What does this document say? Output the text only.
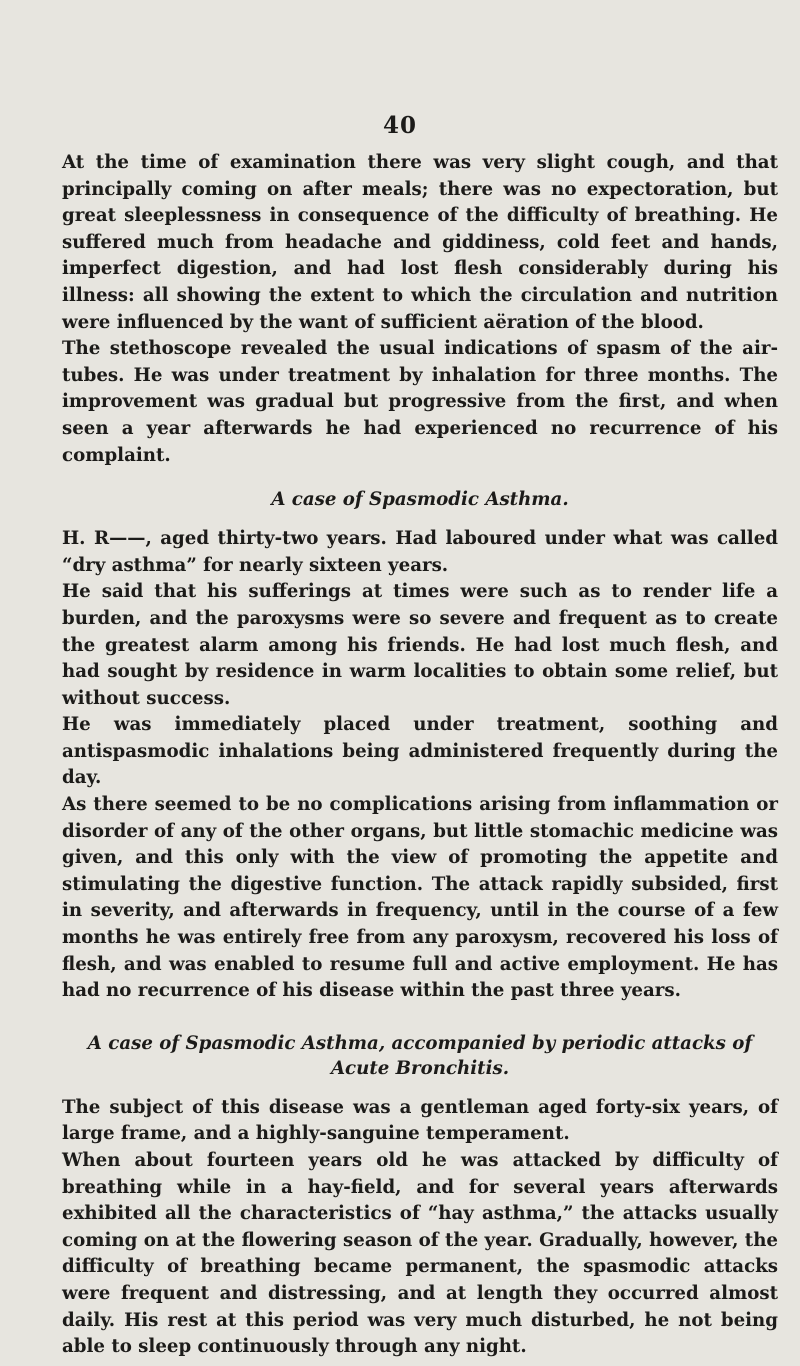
40

At the time of examination there was very slight cough, and that principally coming on after meals; there was no expectoration, but great sleeplessness in consequence of the difficulty of breathing. He suffered much from headache and giddiness, cold feet and hands, imperfect digestion, and had lost flesh considerably during his illness: all showing the extent to which the circulation and nutrition were influenced by the want of sufficient aëration of the blood.

The stethoscope revealed the usual indications of spasm of the air-tubes. He was under treatment by inhalation for three months. The improvement was gradual but progressive from the first, and when seen a year afterwards he had experienced no recurrence of his complaint.

A case of Spasmodic Asthma.

H. R——, aged thirty-two years. Had laboured under what was called “dry asthma” for nearly sixteen years.

He said that his sufferings at times were such as to render life a burden, and the paroxysms were so severe and frequent as to create the greatest alarm among his friends. He had lost much flesh, and had sought by residence in warm localities to obtain some relief, but without success.

He was immediately placed under treatment, soothing and antispasmodic inhalations being administered frequently during the day.

As there seemed to be no complications arising from inflammation or disorder of any of the other organs, but little stomachic medicine was given, and this only with the view of promoting the appetite and stimulating the digestive function. The attack rapidly subsided, first in severity, and afterwards in frequency, until in the course of a few months he was entirely free from any paroxysm, recovered his loss of flesh, and was enabled to resume full and active employment. He has had no recurrence of his disease within the past three years.

A case of Spasmodic Asthma, accompanied by periodic attacks of
Acute Bronchitis.

The subject of this disease was a gentleman aged forty-six years, of large frame, and a highly-sanguine temperament.

When about fourteen years old he was attacked by difficulty of breathing while in a hay-field, and for several years afterwards exhibited all the characteristics of “hay asthma,” the attacks usually coming on at the flowering season of the year. Gradually, however, the difficulty of breathing became permanent, the spasmodic attacks were frequent and distressing, and at length they occurred almost daily. His rest at this period was very much disturbed, he not being able to sleep continuously through any night.
